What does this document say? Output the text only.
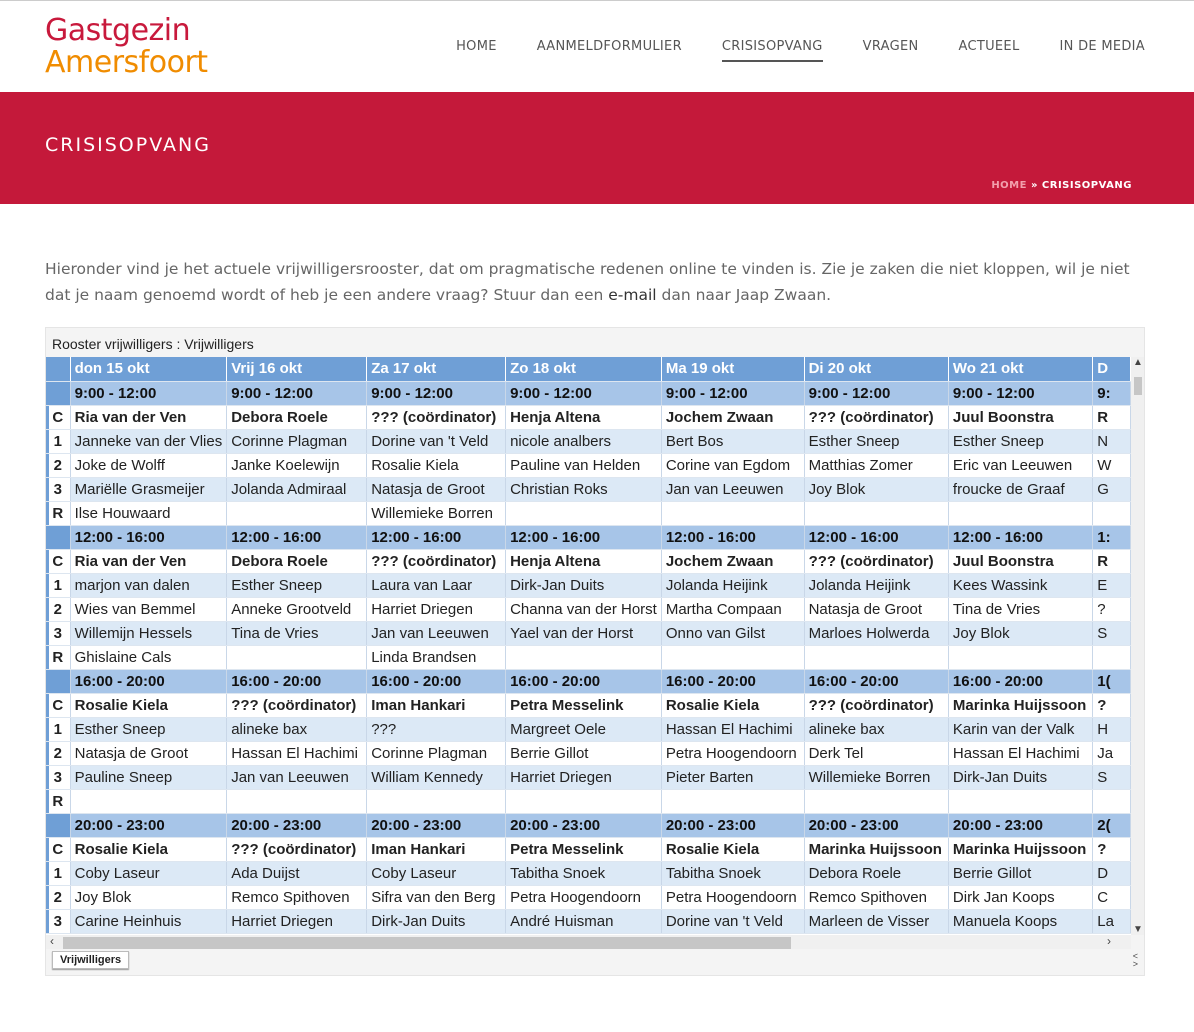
Gastgezin
Amersfoort	HOME	AANMELDFORMULIER	CRISISOPVANG	VRAGEN	ACTUEEL	IN DE MEDIA
CRISISOPVANG
HOME » CRISISOPVANG

Hieronder vind je het actuele vrijwilligersrooster, dat om pragmatische redenen online te vinden is. Zie je zaken die niet kloppen, wil je niet dat je naam genoemd wordt of heb je een andere vraag? Stuur dan een e-mail dan naar Jaap Zwaan.

Rooster vrijwilligers : Vrijwilligers
	don 15 okt	Vrij 16 okt	Za 17 okt	Zo 18 okt	Ma 19 okt	Di 20 okt	Wo 21 okt	D
	9:00 - 12:00	9:00 - 12:00	9:00 - 12:00	9:00 - 12:00	9:00 - 12:00	9:00 - 12:00	9:00 - 12:00	9:
C	Ria van der Ven	Debora Roele	??? (coördinator)	Henja Altena	Jochem Zwaan	??? (coördinator)	Juul Boonstra	R
1	Janneke van der Vlies	Corinne Plagman	Dorine van 't Veld	nicole analbers	Bert Bos	Esther Sneep	Esther Sneep	N
2	Joke de Wolff	Janke Koelewijn	Rosalie Kiela	Pauline van Helden	Corine van Egdom	Matthias Zomer	Eric van Leeuwen	W
3	Mariëlle Grasmeijer	Jolanda Admiraal	Natasja de Groot	Christian Roks	Jan van Leeuwen	Joy Blok	froucke de Graaf	G
R	Ilse Houwaard		Willemieke Borren					
	12:00 - 16:00	12:00 - 16:00	12:00 - 16:00	12:00 - 16:00	12:00 - 16:00	12:00 - 16:00	12:00 - 16:00	1:
C	Ria van der Ven	Debora Roele	??? (coördinator)	Henja Altena	Jochem Zwaan	??? (coördinator)	Juul Boonstra	R
1	marjon van dalen	Esther Sneep	Laura van Laar	Dirk-Jan Duits	Jolanda Heijink	Jolanda Heijink	Kees Wassink	E
2	Wies van Bemmel	Anneke Grootveld	Harriet Driegen	Channa van der Horst	Martha Compaan	Natasja de Groot	Tina de Vries	?
3	Willemijn Hessels	Tina de Vries	Jan van Leeuwen	Yael van der Horst	Onno van Gilst	Marloes Holwerda	Joy Blok	S
R	Ghislaine Cals		Linda Brandsen					
	16:00 - 20:00	16:00 - 20:00	16:00 - 20:00	16:00 - 20:00	16:00 - 20:00	16:00 - 20:00	16:00 - 20:00	1(
C	Rosalie Kiela	??? (coördinator)	Iman Hankari	Petra Messelink	Rosalie Kiela	??? (coördinator)	Marinka Huijssoon	?
1	Esther Sneep	alineke bax	???	Margreet Oele	Hassan El Hachimi	alineke bax	Karin van der Valk	H
2	Natasja de Groot	Hassan El Hachimi	Corinne Plagman	Berrie Gillot	Petra Hoogendoorn	Derk Tel	Hassan El Hachimi	Ja
3	Pauline Sneep	Jan van Leeuwen	William Kennedy	Harriet Driegen	Pieter Barten	Willemieke Borren	Dirk-Jan Duits	S
R								
	20:00 - 23:00	20:00 - 23:00	20:00 - 23:00	20:00 - 23:00	20:00 - 23:00	20:00 - 23:00	20:00 - 23:00	2(
C	Rosalie Kiela	??? (coördinator)	Iman Hankari	Petra Messelink	Rosalie Kiela	Marinka Huijssoon	Marinka Huijssoon	?
1	Coby Laseur	Ada Duijst	Coby Laseur	Tabitha Snoek	Tabitha Snoek	Debora Roele	Berrie Gillot	D
2	Joy Blok	Remco Spithoven	Sifra van den Berg	Petra Hoogendoorn	Petra Hoogendoorn	Remco Spithoven	Dirk Jan Koops	C
3	Carine Heinhuis	Harriet Driegen	Dirk-Jan Duits	André Huisman	Dorine van 't Veld	Marleen de Visser	Manuela Koops	La
▲
▼
‹	›
Vrijwilligers	˂
˃
